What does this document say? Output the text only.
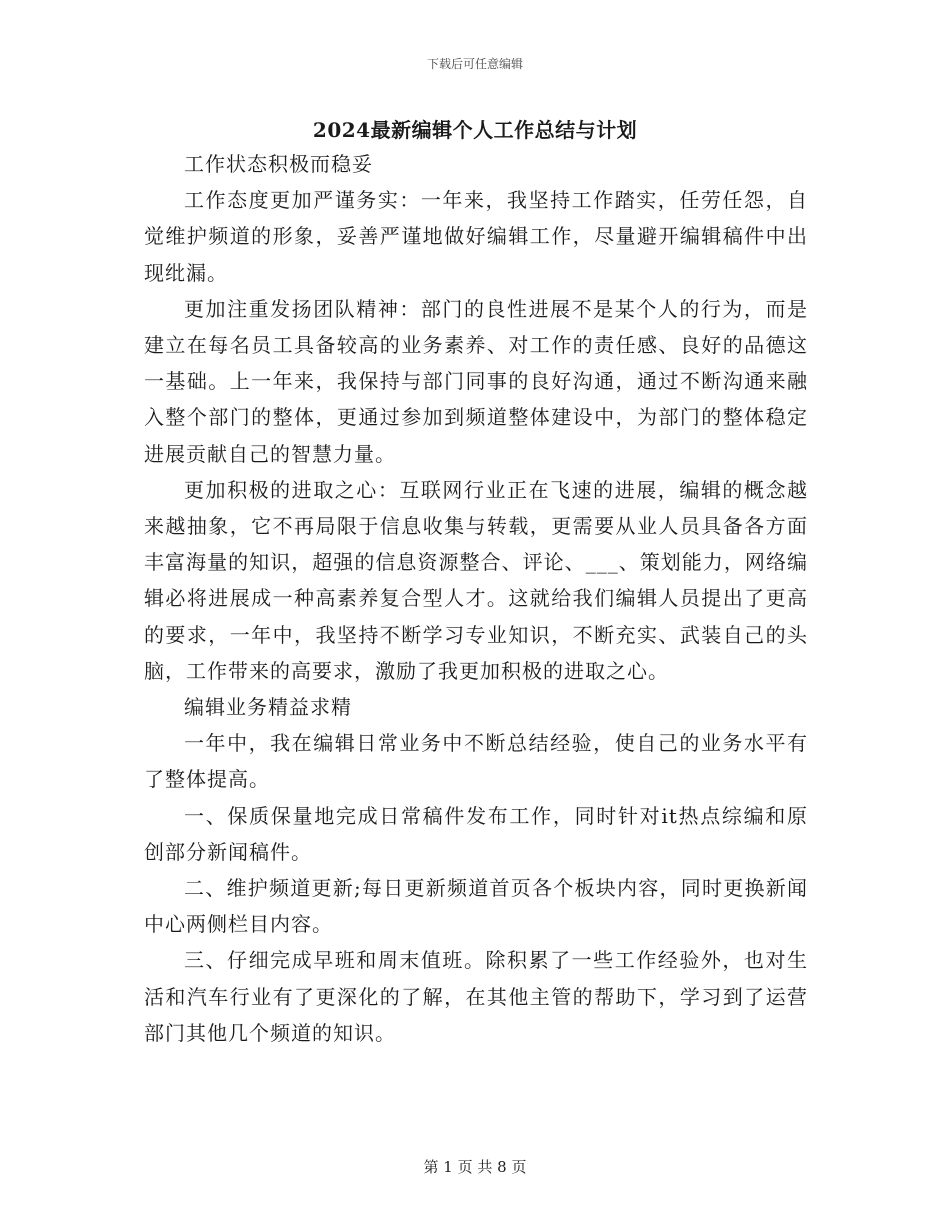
下载后可任意编辑
2024最新编辑个人工作总结与计划

工作状态积极而稳妥

工作态度更加严谨务实：一年来，我坚持工作踏实，任劳任怨，自觉维护频道的形象，妥善严谨地做好编辑工作，尽量避开编辑稿件中出现纰漏。

更加注重发扬团队精神：部门的良性进展不是某个人的行为，而是建立在每名员工具备较高的业务素养、对工作的责任感、良好的品德这一基础。上一年来，我保持与部门同事的良好沟通，通过不断沟通来融入整个部门的整体，更通过参加到频道整体建设中，为部门的整体稳定进展贡献自己的智慧力量。

更加积极的进取之心：互联网行业正在飞速的进展，编辑的概念越来越抽象，它不再局限于信息收集与转载，更需要从业人员具备各方面丰富海量的知识，超强的信息资源整合、评论、___、策划能力，网络编辑必将进展成一种高素养复合型人才。这就给我们编辑人员提出了更高的要求，一年中，我坚持不断学习专业知识，不断充实、武装自己的头脑，工作带来的高要求，激励了我更加积极的进取之心。

编辑业务精益求精

一年中，我在编辑日常业务中不断总结经验，使自己的业务水平有了整体提高。

一、保质保量地完成日常稿件发布工作，同时针对it热点综编和原创部分新闻稿件。

二、维护频道更新;每日更新频道首页各个板块内容，同时更换新闻中心两侧栏目内容。

三、仔细完成早班和周末值班。除积累了一些工作经验外，也对生活和汽车行业有了更深化的了解，在其他主管的帮助下，学习到了运营部门其他几个频道的知识。

第 1 页 共 8 页
